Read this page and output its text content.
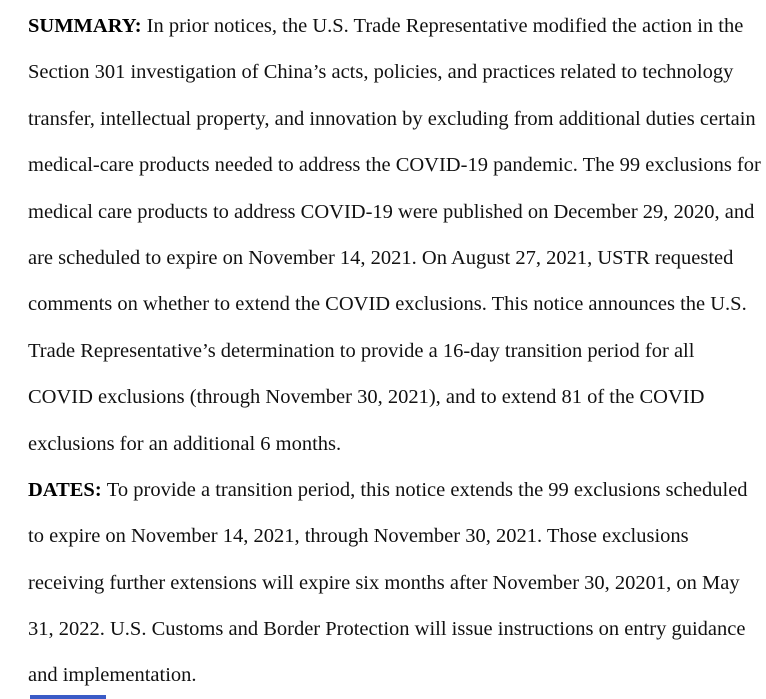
SUMMARY: In prior notices, the U.S. Trade Representative modified the action in the
Section 301 investigation of China’s acts, policies, and practices related to technology
transfer, intellectual property, and innovation by excluding from additional duties certain
medical-care products needed to address the COVID-19 pandemic. The 99 exclusions for
medical care products to address COVID-19 were published on December 29, 2020, and
are scheduled to expire on November 14, 2021. On August 27, 2021, USTR requested
comments on whether to extend the COVID exclusions. This notice announces the U.S.
Trade Representative’s determination to provide a 16-day transition period for all
COVID exclusions (through November 30, 2021), and to extend 81 of the COVID
exclusions for an additional 6 months.
DATES: To provide a transition period, this notice extends the 99 exclusions scheduled
to expire on November 14, 2021, through November 30, 2021. Those exclusions
receiving further extensions will expire six months after November 30, 20201, on May
31, 2022. U.S. Customs and Border Protection will issue instructions on entry guidance
and implementation.
